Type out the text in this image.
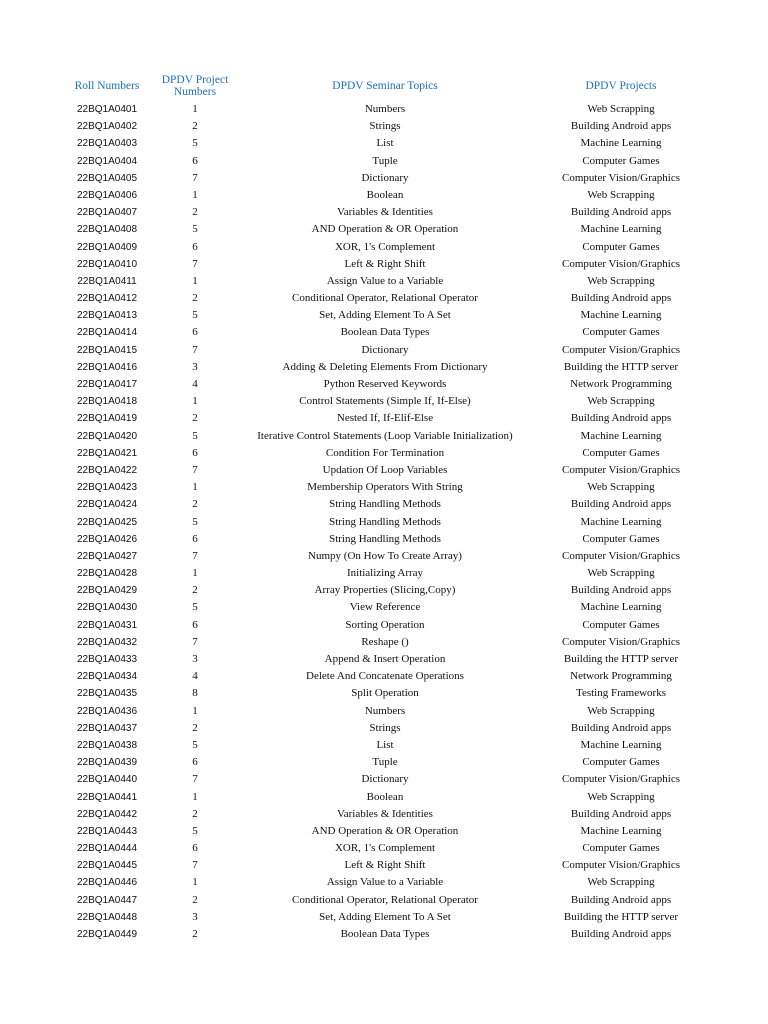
Roll Numbers	DPDV Project Numbers	DPDV Seminar Topics	DPDV Projects
22BQ1A0401	1	Numbers	Web Scrapping
22BQ1A0402	2	Strings	Building Android apps
22BQ1A0403	5	List	Machine Learning
22BQ1A0404	6	Tuple	Computer Games
22BQ1A0405	7	Dictionary	Computer Vision/Graphics
22BQ1A0406	1	Boolean	Web Scrapping
22BQ1A0407	2	Variables & Identities	Building Android apps
22BQ1A0408	5	AND Operation & OR Operation	Machine Learning
22BQ1A0409	6	XOR, 1's Complement	Computer Games
22BQ1A0410	7	Left & Right Shift	Computer Vision/Graphics
22BQ1A0411	1	Assign Value to a Variable	Web Scrapping
22BQ1A0412	2	Conditional Operator, Relational Operator	Building Android apps
22BQ1A0413	5	Set, Adding Element To A Set	Machine Learning
22BQ1A0414	6	Boolean Data Types	Computer Games
22BQ1A0415	7	Dictionary	Computer Vision/Graphics
22BQ1A0416	3	Adding & Deleting Elements From Dictionary	Building the HTTP server
22BQ1A0417	4	Python Reserved Keywords	Network Programming
22BQ1A0418	1	Control Statements (Simple If, If-Else)	Web Scrapping
22BQ1A0419	2	Nested If, If-Elif-Else	Building Android apps
22BQ1A0420	5	Iterative Control Statements (Loop Variable Initialization)	Machine Learning
22BQ1A0421	6	Condition For Termination	Computer Games
22BQ1A0422	7	Updation Of Loop Variables	Computer Vision/Graphics
22BQ1A0423	1	Membership Operators With String	Web Scrapping
22BQ1A0424	2	String Handling Methods	Building Android apps
22BQ1A0425	5	String Handling Methods	Machine Learning
22BQ1A0426	6	String Handling Methods	Computer Games
22BQ1A0427	7	Numpy (On How To Create Array)	Computer Vision/Graphics
22BQ1A0428	1	Initializing Array	Web Scrapping
22BQ1A0429	2	Array Properties (Slicing,Copy)	Building Android apps
22BQ1A0430	5	View Reference	Machine Learning
22BQ1A0431	6	Sorting Operation	Computer Games
22BQ1A0432	7	Reshape ()	Computer Vision/Graphics
22BQ1A0433	3	Append & Insert Operation	Building the HTTP server
22BQ1A0434	4	Delete And Concatenate Operations	Network Programming
22BQ1A0435	8	Split Operation	Testing Frameworks
22BQ1A0436	1	Numbers	Web Scrapping
22BQ1A0437	2	Strings	Building Android apps
22BQ1A0438	5	List	Machine Learning
22BQ1A0439	6	Tuple	Computer Games
22BQ1A0440	7	Dictionary	Computer Vision/Graphics
22BQ1A0441	1	Boolean	Web Scrapping
22BQ1A0442	2	Variables & Identities	Building Android apps
22BQ1A0443	5	AND Operation & OR Operation	Machine Learning
22BQ1A0444	6	XOR, 1's Complement	Computer Games
22BQ1A0445	7	Left & Right Shift	Computer Vision/Graphics
22BQ1A0446	1	Assign Value to a Variable	Web Scrapping
22BQ1A0447	2	Conditional Operator, Relational Operator	Building Android apps
22BQ1A0448	3	Set, Adding Element To A Set	Building the HTTP server
22BQ1A0449	2	Boolean Data Types	Building Android apps
